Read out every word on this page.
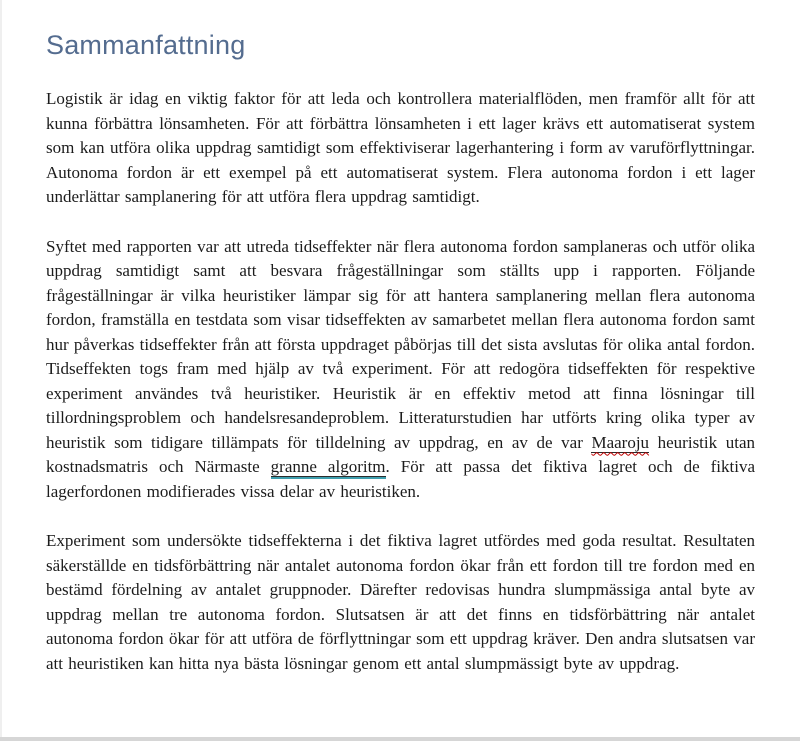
Sammanfattning

Logistik är idag en viktig faktor för att leda och kontrollera materialflöden, men framför allt för att kunna förbättra lönsamheten. För att förbättra lönsamheten i ett lager krävs ett automatiserat system som kan utföra olika uppdrag samtidigt som effektiviserar lagerhantering i form av varuförflyttningar. Autonoma fordon är ett exempel på ett automatiserat system. Flera autonoma fordon i ett lager underlättar samplanering för att utföra flera uppdrag samtidigt.

Syftet med rapporten var att utreda tidseffekter när flera autonoma fordon samplaneras och utför olika uppdrag samtidigt samt att besvara frågeställningar som ställts upp i rapporten. Följande frågeställningar är vilka heuristiker lämpar sig för att hantera samplanering mellan flera autonoma fordon, framställa en testdata som visar tidseffekten av samarbetet mellan flera autonoma fordon samt hur påverkas tidseffekter från att första uppdraget påbörjas till det sista avslutas för olika antal fordon. Tidseffekten togs fram med hjälp av två experiment. För att redogöra tidseffekten för respektive experiment användes två heuristiker. Heuristik är en effektiv metod att finna lösningar till tillordningsproblem och handelsresandeproblem. Litteraturstudien har utförts kring olika typer av heuristik som tidigare tillämpats för tilldelning av uppdrag, en av de var Maaroju heuristik utan kostnadsmatris och Närmaste granne algoritm. För att passa det fiktiva lagret och de fiktiva lagerfordonen modifierades vissa delar av heuristiken.

Experiment som undersökte tidseffekterna i det fiktiva lagret utfördes med goda resultat. Resultaten säkerställde en tidsförbättring när antalet autonoma fordon ökar från ett fordon till tre fordon med en bestämd fördelning av antalet gruppnoder. Därefter redovisas hundra slumpmässiga antal byte av uppdrag mellan tre autonoma fordon. Slutsatsen är att det finns en tidsförbättring när antalet autonoma fordon ökar för att utföra de förflyttningar som ett uppdrag kräver. Den andra slutsatsen var att heuristiken kan hitta nya bästa lösningar genom ett antal slumpmässigt byte av uppdrag.
